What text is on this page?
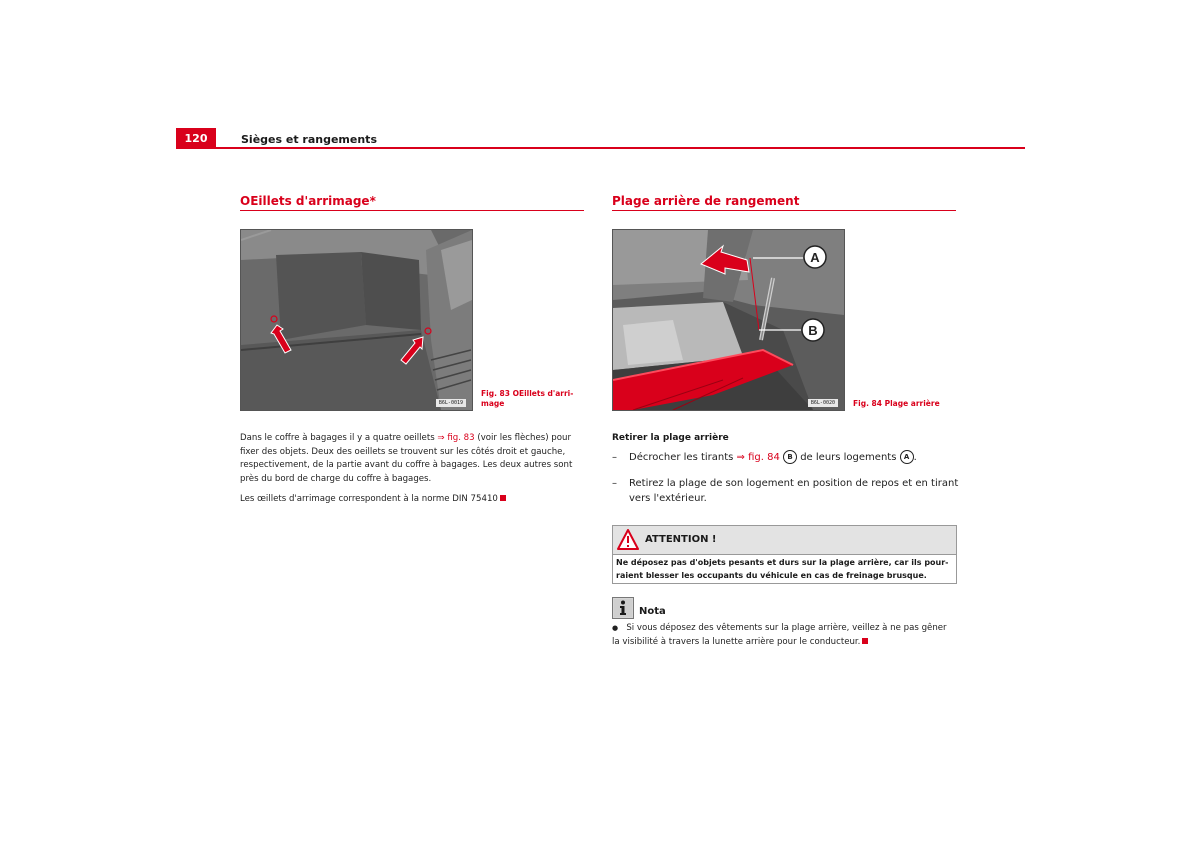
120	Sièges et rangements
OEillets d'arrimage*
B6L-0019
Fig. 83 OEillets d'arri-
mage
Dans le coffre à bagages il y a quatre oeillets ⇒ fig. 83 (voir les flèches) pour
fixer des objets. Deux des oeillets se trouvent sur les côtés droit et gauche,
respectivement, de la partie avant du coffre à bagages. Les deux autres sont
près du bord de charge du coffre à bagages.
Les œillets d'arrimage correspondent à la norme DIN 75410
Plage arrière de rangement
A
B
B6L-0020	Fig. 84 Plage arrière
Retirer la plage arrière
– Décrocher les tirants ⇒ fig. 84 B de leurs logements A .
– Retirez la plage de son logement en position de repos et en tirant
vers l'extérieur.
ATTENTION !
Ne déposez pas d'objets pesants et durs sur la plage arrière, car ils pour-
raient blesser les occupants du véhicule en cas de freinage brusque.
Nota
● Si vous déposez des vêtements sur la plage arrière, veillez à ne pas gêner
la visibilité à travers la lunette arrière pour le conducteur.
